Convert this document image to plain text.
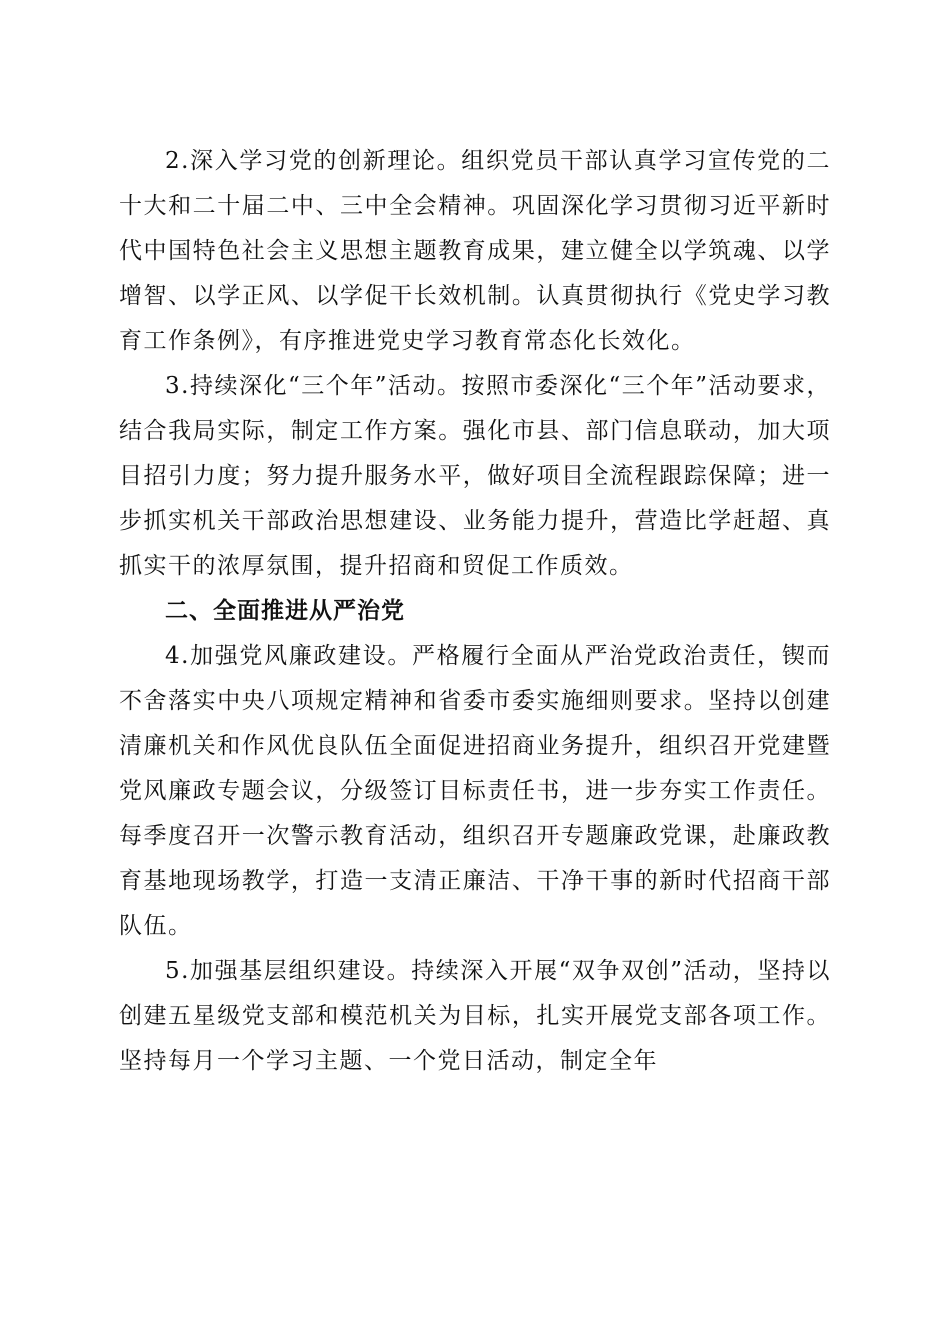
2.深入学习党的创新理论。组织党员干部认真学习宣传党的二十大和二十届二中、三中全会精神。巩固深化学习贯彻习近平新时代中国特色社会主义思想主题教育成果，建立健全以学筑魂、以学增智、以学正风、以学促干长效机制。认真贯彻执行《党史学习教育工作条例》，有序推进党史学习教育常态化长效化。

3.持续深化“三个年”活动。按照市委深化“三个年”活动要求，结合我局实际，制定工作方案。强化市县、部门信息联动，加大项目招引力度；努力提升服务水平，做好项目全流程跟踪保障；进一步抓实机关干部政治思想建设、业务能力提升，营造比学赶超、真抓实干的浓厚氛围，提升招商和贸促工作质效。

二、全面推进从严治党

4.加强党风廉政建设。严格履行全面从严治党政治责任，锲而不舍落实中央八项规定精神和省委市委实施细则要求。坚持以创建清廉机关和作风优良队伍全面促进招商业务提升，组织召开党建暨党风廉政专题会议，分级签订目标责任书，进一步夯实工作责任。每季度召开一次警示教育活动，组织召开专题廉政党课，赴廉政教育基地现场教学，打造一支清正廉洁、干净干事的新时代招商干部队伍。

5.加强基层组织建设。持续深入开展“双争双创”活动，坚持以创建五星级党支部和模范机关为目标，扎实开展党支部各项工作。坚持每月一个学习主题、一个党日活动，制定全年
